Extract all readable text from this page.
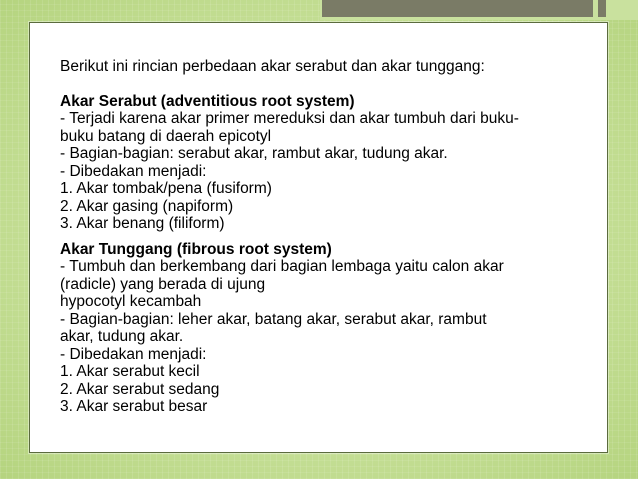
Berikut ini rincian perbedaan akar serabut dan akar tunggang:
Akar Serabut (adventitious root system)
- Terjadi karena akar primer mereduksi dan akar tumbuh dari buku-
buku batang di daerah epicotyl
- Bagian-bagian: serabut akar, rambut akar, tudung akar.
- Dibedakan menjadi:
1. Akar tombak/pena (fusiform)
2. Akar gasing (napiform)
3. Akar benang (filiform)
Akar Tunggang (fibrous root system)
- Tumbuh dan berkembang dari bagian lembaga yaitu calon akar
(radicle) yang berada di ujung
hypocotyl kecambah
- Bagian-bagian: leher akar, batang akar, serabut akar, rambut
akar, tudung akar.
- Dibedakan menjadi:
1. Akar serabut kecil
2. Akar serabut sedang
3. Akar serabut besar
